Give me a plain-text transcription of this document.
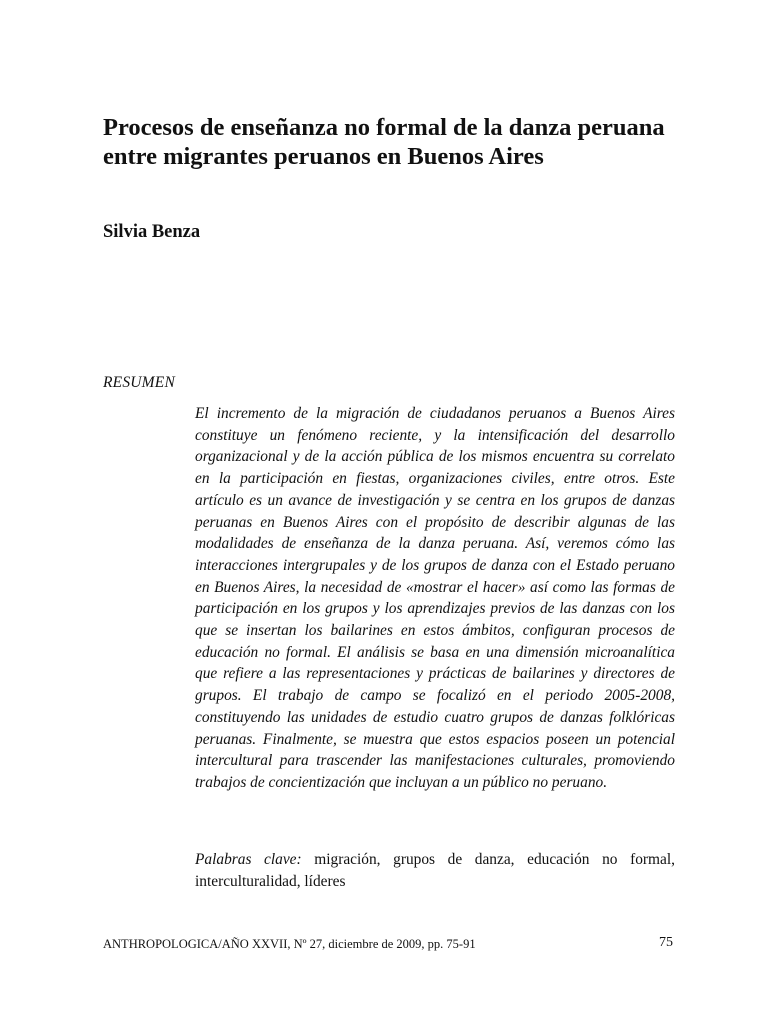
Procesos de enseñanza no formal de la danza peruana entre migrantes peruanos en Buenos Aires

Silvia Benza

RESUMEN

El incremento de la migración de ciudadanos peruanos a Buenos Aires constituye un fenómeno reciente, y la intensificación del desarrollo organizacional y de la acción pública de los mismos encuentra su correlato en la participación en fiestas, organizaciones civiles, entre otros. Este artículo es un avance de investigación y se centra en los grupos de danzas peruanas en Buenos Aires con el propósito de describir algunas de las modalidades de enseñanza de la danza peruana. Así, veremos cómo las interacciones intergrupales y de los grupos de danza con el Estado peruano en Buenos Aires, la necesidad de «mostrar el hacer» así como las formas de participación en los grupos y los aprendizajes previos de las danzas con los que se insertan los bailarines en estos ámbitos, configuran procesos de educación no formal. El análisis se basa en una dimensión microanalítica que refiere a las representaciones y prácticas de bailarines y directores de grupos. El trabajo de campo se focalizó en el periodo 2005-2008, constituyendo las unidades de estudio cuatro grupos de danzas folklóricas peruanas. Finalmente, se muestra que estos espacios poseen un potencial intercultural para trascender las manifestaciones culturales, promoviendo trabajos de concientización que incluyan a un público no peruano.

Palabras clave: migración, grupos de danza, educación no formal, interculturalidad, líderes

ANTHROPOLOGICA/AÑO XXVII, Nº 27, diciembre de 2009, pp. 75-91	75
